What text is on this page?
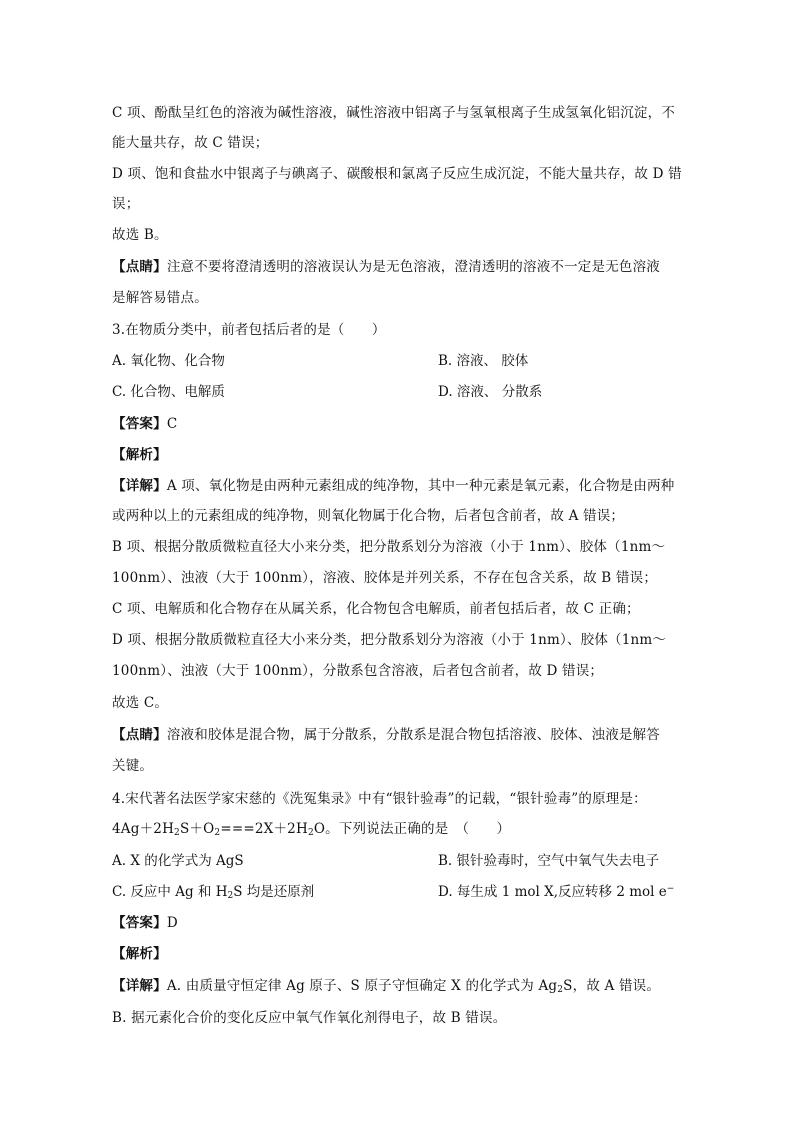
C 项、酚酞呈红色的溶液为碱性溶液，碱性溶液中铝离子与氢氧根离子生成氢氧化铝沉淀，不
能大量共存，故 C 错误；
D 项、饱和食盐水中银离子与碘离子、碳酸根和氯离子反应生成沉淀，不能大量共存，故 D 错
误；
故选 B。
【点睛】注意不要将澄清透明的溶液误认为是无色溶液，澄清透明的溶液不一定是无色溶液
是解答易错点。
3.在物质分类中，前者包括后者的是（　　）
A. 氧化物、化合物	B. 溶液、 胶体
C. 化合物、电解质	D. 溶液、 分散系
【答案】C
【解析】
【详解】A 项、氧化物是由两种元素组成的纯净物，其中一种元素是氧元素，化合物是由两种
或两种以上的元素组成的纯净物，则氧化物属于化合物，后者包含前者，故 A 错误；
B 项、根据分散质微粒直径大小来分类，把分散系划分为溶液（小于 1nm）、胶体（1nm～
100nm）、浊液（大于 100nm），溶液、胶体是并列关系，不存在包含关系，故 B 错误；
C 项、电解质和化合物存在从属关系，化合物包含电解质，前者包括后者，故 C 正确；
D 项、根据分散质微粒直径大小来分类，把分散系划分为溶液（小于 1nm）、胶体（1nm～
100nm）、浊液（大于 100nm），分散系包含溶液，后者包含前者，故 D 错误；
故选 C。
【点睛】溶液和胶体是混合物，属于分散系，分散系是混合物包括溶液、胶体、浊液是解答
关键。
4.宋代著名法医学家宋慈的《洗冤集录》中有“银针验毒”的记载，“银针验毒”的原理是：
$4Ag+2H_2S+O_2===2X+2H_2O$。下列说法正确的是　（　　）
A. X 的化学式为 AgS	B. 银针验毒时，空气中氧气失去电子
C. 反应中 Ag 和 $H_2S$ 均是还原剂	D. 每生成 1 mol X,反应转移 2 mol e−
【答案】D
【解析】
【详解】A. 由质量守恒定律 Ag 原子、S 原子守恒确定 X 的化学式为 $Ag_2S$，故 A 错误。
B. 据元素化合价的变化反应中氧气作氧化剂得电子，故 B 错误。
